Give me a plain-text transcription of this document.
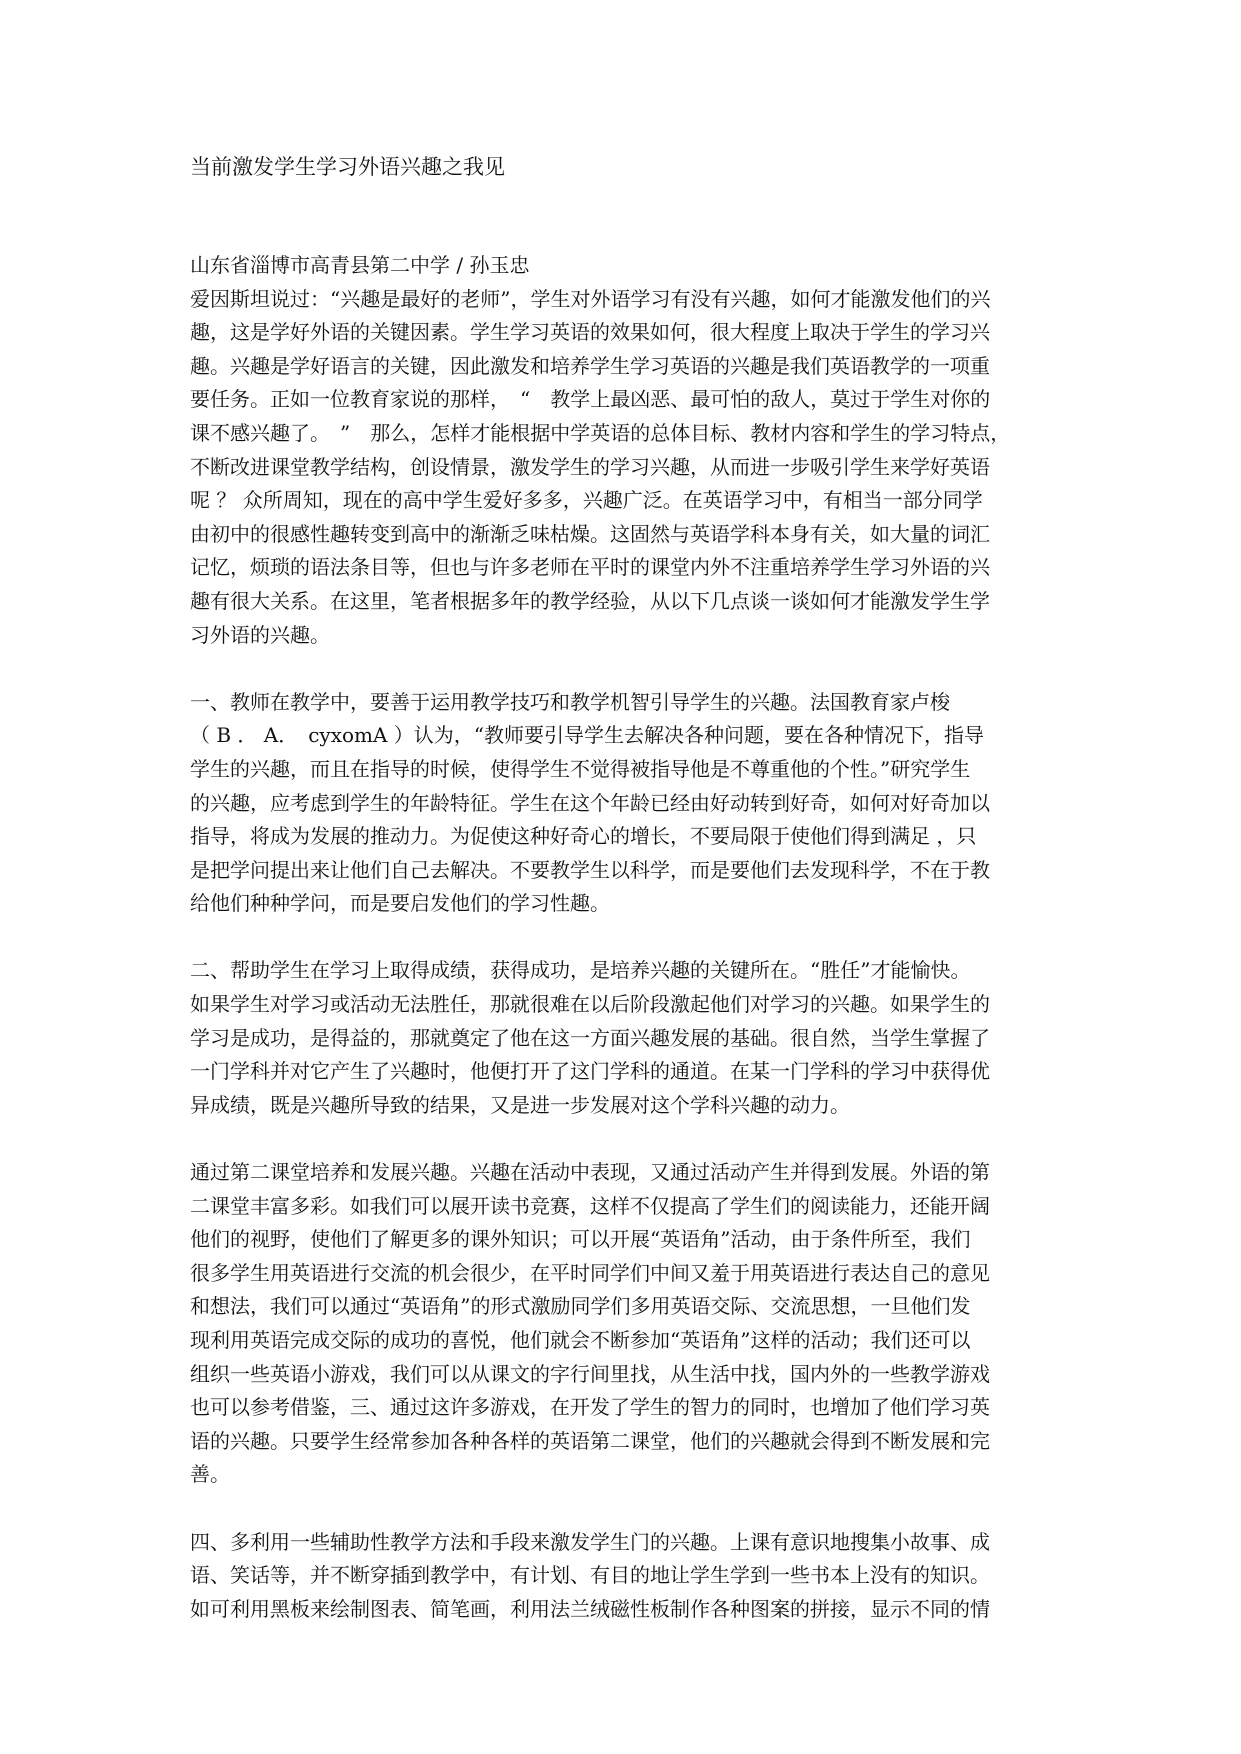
当前激发学生学习外语兴趣之我见
山东省淄博市高青县第二中学 / 孙玉忠
爱因斯坦说过：“兴趣是最好的老师”，学生对外语学习有没有兴趣，如何才能激发他们的兴
趣，这是学好外语的关键因素。学生学习英语的效果如何，很大程度上取决于学生的学习兴
趣。兴趣是学好语言的关键，因此激发和培养学生学习英语的兴趣是我们英语教学的一项重
要任务。正如一位教育家说的那样，　“　教学上最凶恶、最可怕的敌人，莫过于学生对你的
课不感兴趣了。　”　那么，怎样才能根据中学英语的总体目标、教材内容和学生的学习特点，
不断改进课堂教学结构，创设情景，激发学生的学习兴趣，从而进一步吸引学生来学好英语
呢 ？ 众所周知，现在的高中学生爱好多多，兴趣广泛。在英语学习中，有相当一部分同学
由初中的很感性趣转变到高中的渐渐乏味枯燥。这固然与英语学科本身有关，如大量的词汇
记忆，烦琐的语法条目等，但也与许多老师在平时的课堂内外不注重培养学生学习外语的兴
趣有很大关系。在这里，笔者根据多年的教学经验，从以下几点谈一谈如何才能激发学生学
习外语的兴趣。
一、教师在教学中，要善于运用教学技巧和教学机智引导学生的兴趣。法国教育家卢梭
（ Β ． Α．　cyxomA ）认为，“教师要引导学生去解决各种问题，要在各种情况下，指导
学生的兴趣，而且在指导的时候，使得学生不觉得被指导他是不尊重他的个性。”研究学生
的兴趣，应考虑到学生的年龄特征。学生在这个年龄已经由好动转到好奇，如何对好奇加以
指导，将成为发展的推动力。为促使这种好奇心的增长，不要局限于使他们得到满足 ，只
是把学问提出来让他们自己去解决。不要教学生以科学，而是要他们去发现科学，不在于教
给他们种种学问，而是要启发他们的学习性趣。
二、帮助学生在学习上取得成绩，获得成功，是培养兴趣的关键所在。“胜任”才能愉快。
如果学生对学习或活动无法胜任，那就很难在以后阶段激起他们对学习的兴趣。如果学生的
学习是成功，是得益的，那就奠定了他在这一方面兴趣发展的基础。很自然，当学生掌握了
一门学科并对它产生了兴趣时，他便打开了这门学科的通道。在某一门学科的学习中获得优
异成绩，既是兴趣所导致的结果，又是进一步发展对这个学科兴趣的动力。
通过第二课堂培养和发展兴趣。兴趣在活动中表现，又通过活动产生并得到发展。外语的第
二课堂丰富多彩。如我们可以展开读书竞赛，这样不仅提高了学生们的阅读能力，还能开阔
他们的视野，使他们了解更多的课外知识；可以开展“英语角”活动，由于条件所至，我们
很多学生用英语进行交流的机会很少，在平时同学们中间又羞于用英语进行表达自己的意见
和想法，我们可以通过“英语角”的形式激励同学们多用英语交际、交流思想，一旦他们发
现利用英语完成交际的成功的喜悦，他们就会不断参加“英语角”这样的活动；我们还可以
组织一些英语小游戏，我们可以从课文的字行间里找，从生活中找，国内外的一些教学游戏
也可以参考借鉴，三、通过这许多游戏，在开发了学生的智力的同时，也增加了他们学习英
语的兴趣。只要学生经常参加各种各样的英语第二课堂，他们的兴趣就会得到不断发展和完
善。
四、多利用一些辅助性教学方法和手段来激发学生门的兴趣。上课有意识地搜集小故事、成
语、笑话等，并不断穿插到教学中，有计划、有目的地让学生学到一些书本上没有的知识。
如可利用黑板来绘制图表、简笔画，利用法兰绒磁性板制作各种图案的拼接，显示不同的情
